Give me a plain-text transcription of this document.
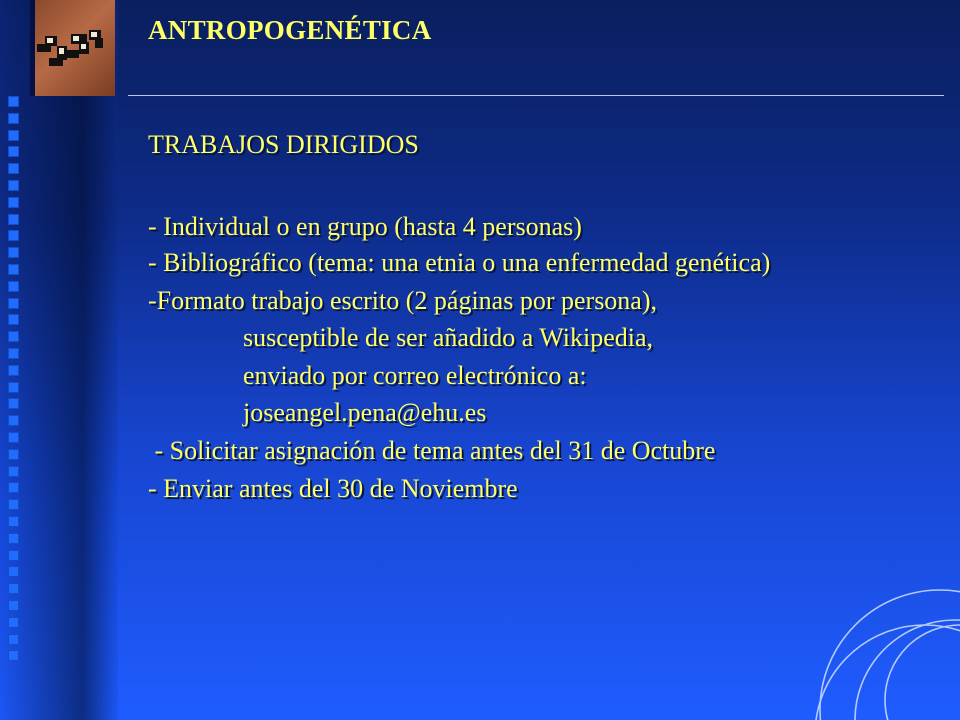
ANTROPOGENÉTICA
TRABAJOS DIRIGIDOS
- Individual o en grupo (hasta 4 personas)
- Bibliográfico (tema: una etnia o una enfermedad genética)
-Formato trabajo escrito (2 páginas por persona),
susceptible de ser añadido a Wikipedia,
enviado por correo electrónico a:
joseangel.pena@ehu.es
- Solicitar asignación de tema antes del 31 de Octubre
- Enviar antes del 30 de Noviembre
